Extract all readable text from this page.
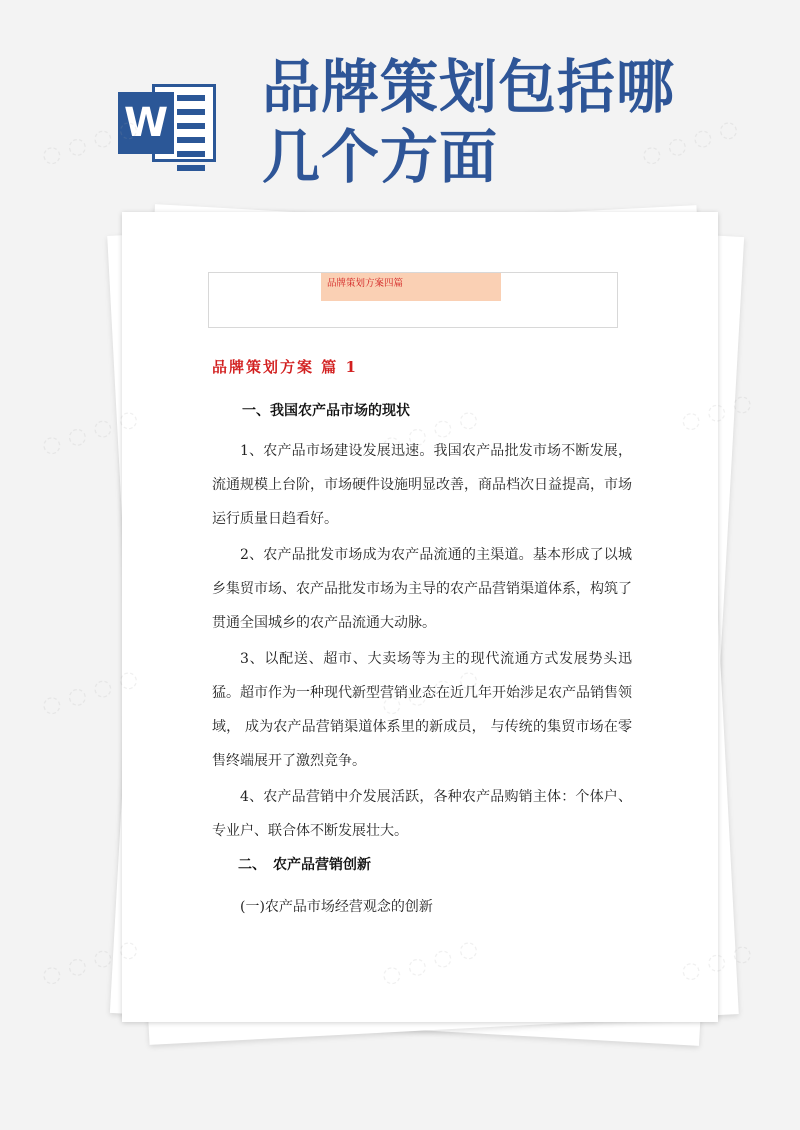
W
品牌策划包括哪几个方面
品牌策划方案四篇
品牌策划方案 篇 1

一、我国农产品市场的现状

1、农产品市场建设发展迅速。我国农产品批发市场不断发展，流通规模上台阶，市场硬件设施明显改善，商品档次日益提高，市场运行质量日趋看好。

2、农产品批发市场成为农产品流通的主渠道。基本形成了以城乡集贸市场、农产品批发市场为主导的农产品营销渠道体系，构筑了贯通全国城乡的农产品流通大动脉。

3、以配送、超市、大卖场等为主的现代流通方式发展势头迅猛。超市作为一种现代新型营销业态在近几年开始涉足农产品销售领域， 成为农产品营销渠道体系里的新成员， 与传统的集贸市场在零售终端展开了激烈竞争。

4、农产品营销中介发展活跃，各种农产品购销主体：个体户、专业户、联合体不断发展壮大。

二、　农产品营销创新

(一)农产品市场经营观念的创新

◌ ◌ ◌ ◌	◌ ◌ ◌ ◌
◌ ◌ ◌ ◌
◌
◌ ◌ ◌ ◌
◌ ◌ ◌ ◌	◌
